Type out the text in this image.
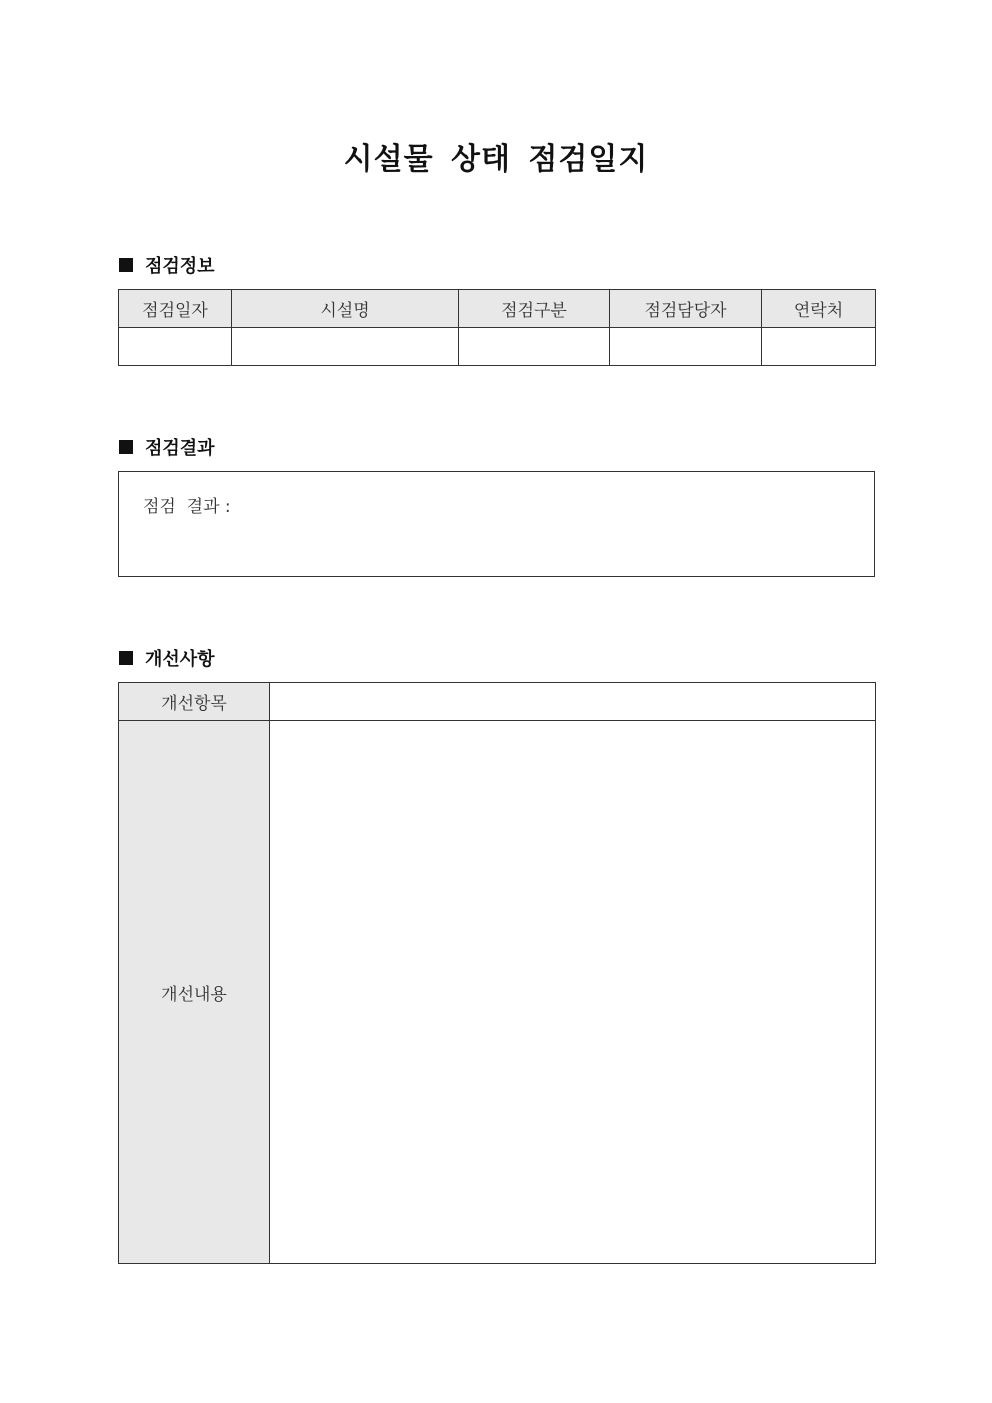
시설물 상태 점검일지
점검정보
점검일자	시설명	점검구분	점검담당자	연락처

점검결과
점검  결과 :
개선사항
개선항목	
개선내용	
